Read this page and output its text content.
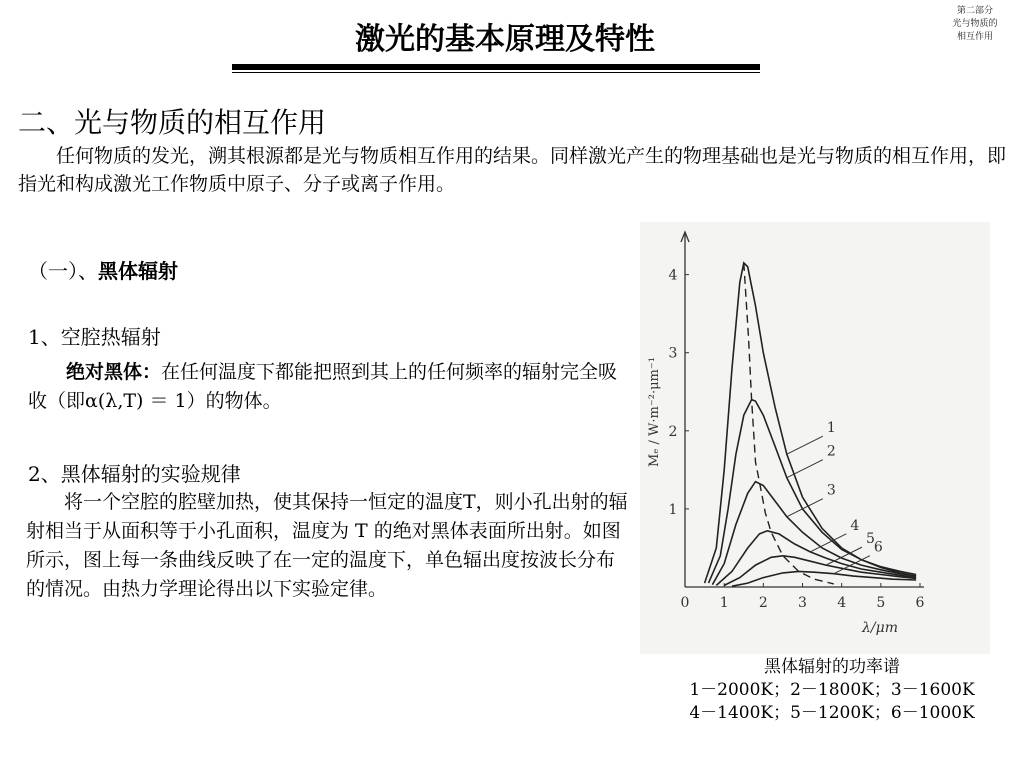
激光的基本原理及特性
第二部分
光与物质的
相互作用
二、光与物质的相互作用
任何物质的发光，溯其根源都是光与物质相互作用的结果。同样激光产生的物理基础也是光与物质的相互作用，即指光和构成激光工作物质中原子、分子或离子作用。
（一）、黑体辐射
1、空腔热辐射
绝对黑体：在任何温度下都能把照到其上的任何频率的辐射完全吸收（即α(λ,T) ＝ 1）的物体。
2、黑体辐射的实验规律
将一个空腔的腔壁加热，使其保持一恒定的温度T，则小孔出射的辐射相当于从面积等于小孔面积，温度为 T 的绝对黑体表面所出射。如图所示，图上每一条曲线反映了在一定的温度下，单色辐出度按波长分布的情况。由热力学理论得出以下实验定律。
0 1 2 3 4 5 6
1
2
3
4
λ/μm
Mₑ / W·m⁻²·μm⁻¹	1
2
3
4
5
6
黑体辐射的功率谱
1－2000K；2－1800K；3－1600K
4－1400K；5－1200K；6－1000K
